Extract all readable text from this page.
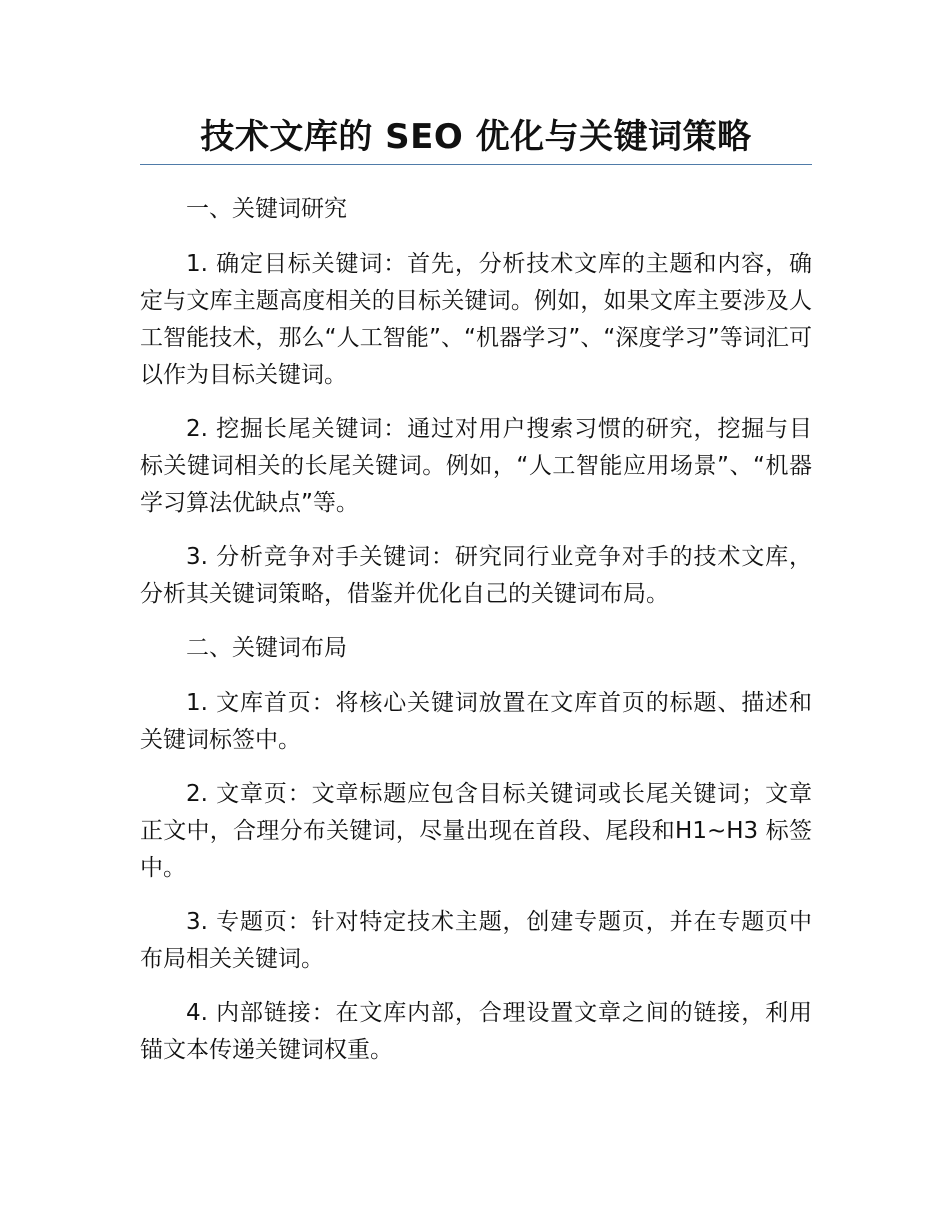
技术文库的 SEO 优化与关键词策略

一、关键词研究

1. 确定目标关键词：首先，分析技术文库的主题和内容，确定与文库主题高度相关的目标关键词。例如，如果文库主要涉及人工智能技术，那么“人工智能”、“机器学习”、“深度学习”等词汇可以作为目标关键词。

2. 挖掘长尾关键词：通过对用户搜索习惯的研究，挖掘与目标关键词相关的长尾关键词。例如，“人工智能应用场景”、“机器学习算法优缺点”等。

3. 分析竞争对手关键词：研究同行业竞争对手的技术文库，分析其关键词策略，借鉴并优化自己的关键词布局。

二、关键词布局

1. 文库首页：将核心关键词放置在文库首页的标题、描述和关键词标签中。

2. 文章页：文章标题应包含目标关键词或长尾关键词；文章正文中，合理分布关键词，尽量出现在首段、尾段和H1~H3 标签中。

3. 专题页：针对特定技术主题，创建专题页，并在专题页中布局相关关键词。

4. 内部链接：在文库内部，合理设置文章之间的链接，利用锚文本传递关键词权重。
